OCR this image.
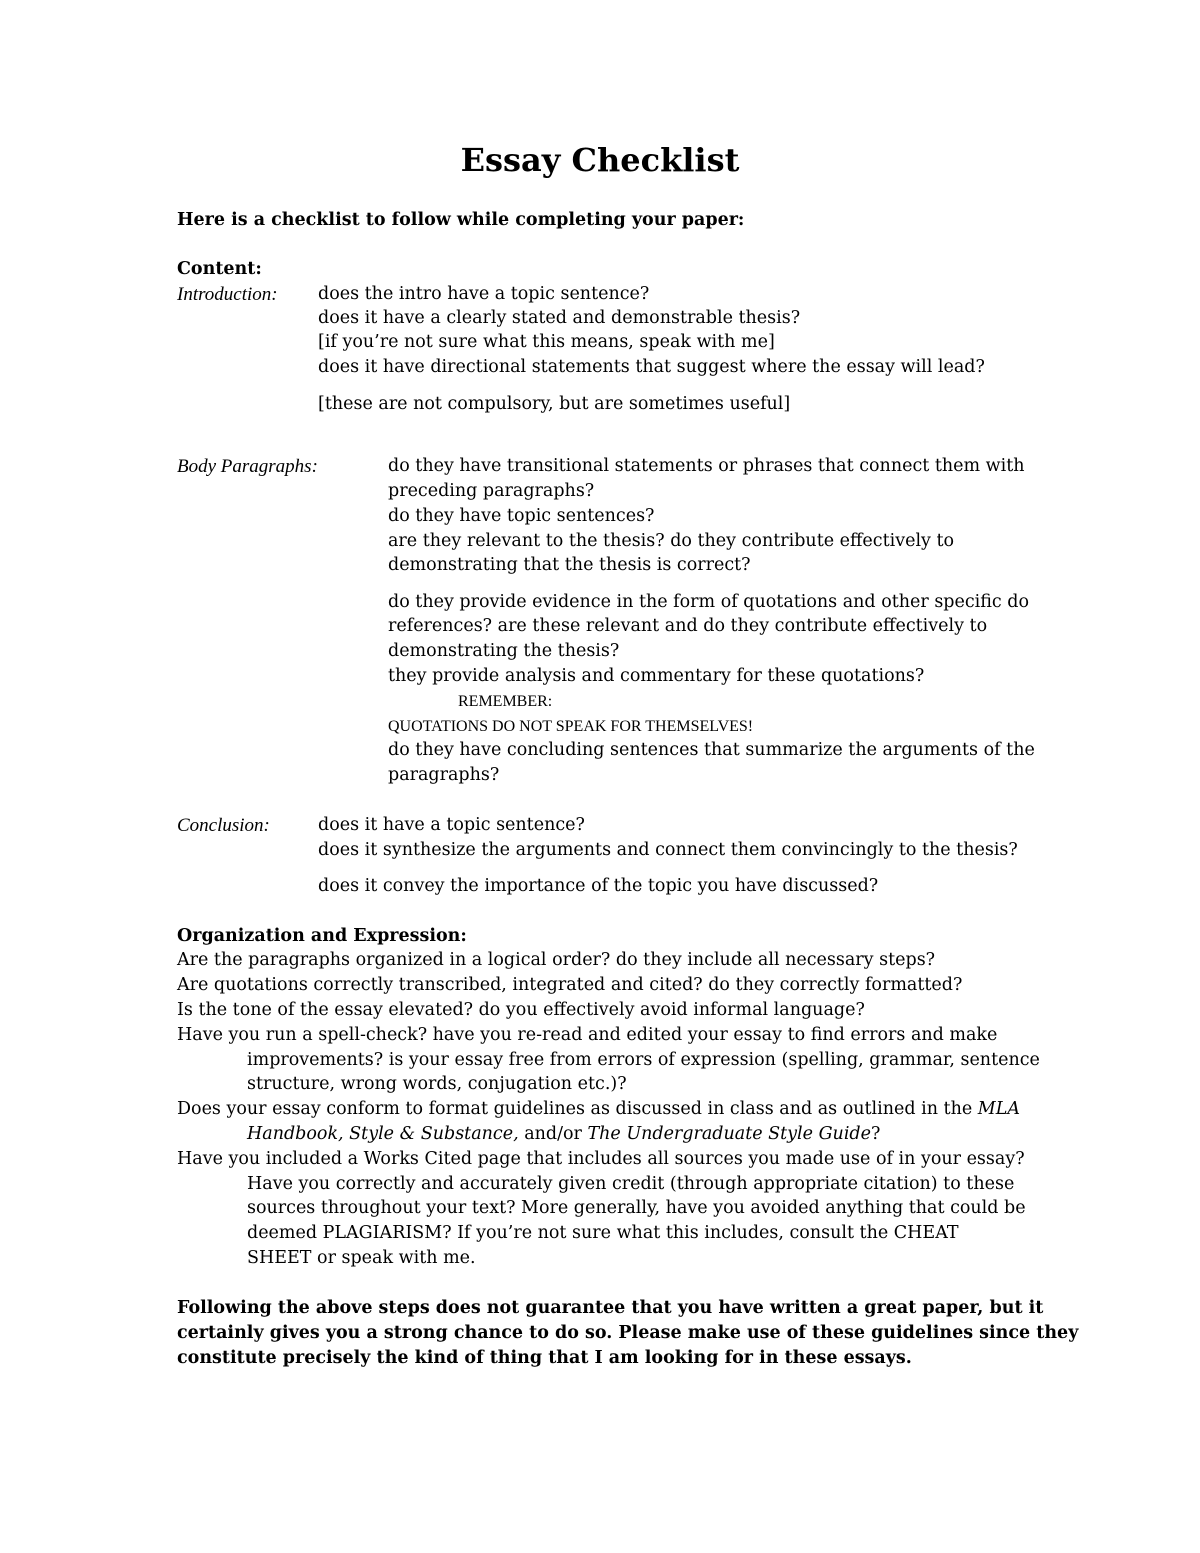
Essay Checklist
Here is a checklist to follow while completing your paper:
Content:
Introduction: does the intro have a topic sentence?
does it have a clearly stated and demonstrable thesis?
[if you’re not sure what this means, speak with me]
does it have directional statements that suggest where the essay will lead?
[these are not compulsory, but are sometimes useful]
Body Paragraphs:	do they have transitional statements or phrases that connect them with
preceding paragraphs?
do they have topic sentences?
are they relevant to the thesis? do they contribute effectively to
demonstrating that the thesis is correct?
do they provide evidence in the form of quotations and other specific do
references? are these relevant and do they contribute effectively to
demonstrating the thesis?
they provide analysis and commentary for these quotations?
REMEMBER:
QUOTATIONS DO NOT SPEAK FOR THEMSELVES!
do they have concluding sentences that summarize the arguments of the
paragraphs?
Conclusion:	does it have a topic sentence?
does it synthesize the arguments and connect them convincingly to the thesis?
does it convey the importance of the topic you have discussed?
Organization and Expression:
Are the paragraphs organized in a logical order? do they include all necessary steps?
Are quotations correctly transcribed, integrated and cited? do they correctly formatted?
Is the tone of the essay elevated? do you effectively avoid informal language?
Have you run a spell-check? have you re-read and edited your essay to find errors and make
improvements? is your essay free from errors of expression (spelling, grammar, sentence
structure, wrong words, conjugation etc.)?
Does your essay conform to format guidelines as discussed in class and as outlined in the MLA
Handbook, Style & Substance, and/or The Undergraduate Style Guide?
Have you included a Works Cited page that includes all sources you made use of in your essay?
Have you correctly and accurately given credit (through appropriate citation) to these
sources throughout your text? More generally, have you avoided anything that could be
deemed PLAGIARISM? If you’re not sure what this includes, consult the CHEAT
SHEET or speak with me.
Following the above steps does not guarantee that you have written a great paper, but it
certainly gives you a strong chance to do so. Please make use of these guidelines since they
constitute precisely the kind of thing that I am looking for in these essays.
